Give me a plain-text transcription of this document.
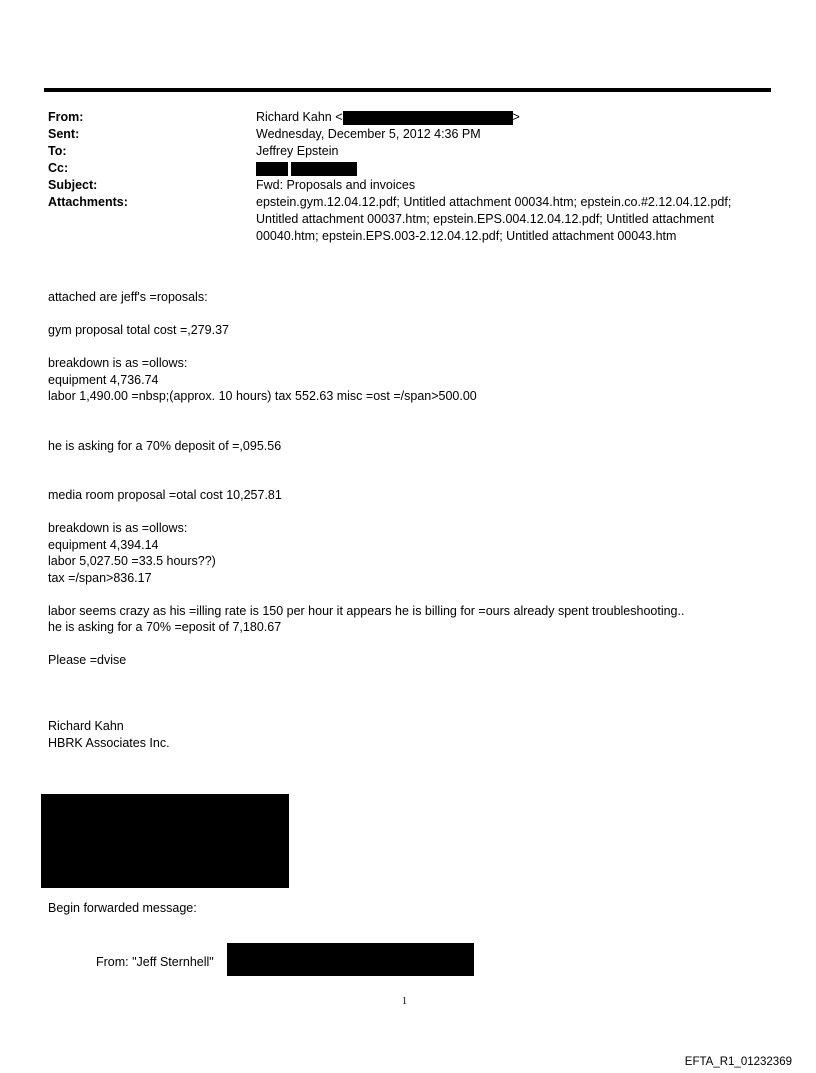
From:	Richard Kahn <	>
Sent:	Wednesday, December 5, 2012 4:36 PM
To:	Jeffrey Epstein
Cc:

Subject:	Fwd: Proposals and invoices
Attachments:	epstein.gym.12.04.12.pdf; Untitled attachment 00034.htm; epstein.co.#2.12.04.12.pdf;
Untitled attachment 00037.htm; epstein.EPS.004.12.04.12.pdf; Untitled attachment
00040.htm; epstein.EPS.003-2.12.04.12.pdf; Untitled attachment 00043.htm

attached are jeff's =roposals:

gym proposal total cost =,279.37

breakdown is as =ollows:

equipment 4,736.74

labor 1,490.00 =nbsp;(approx. 10 hours) tax 552.63 misc =ost =/span>500.00

he is asking for a 70% deposit of =,095.56

media room proposal =otal cost 10,257.81

breakdown is as =ollows:

equipment 4,394.14

labor 5,027.50 =33.5 hours??)

tax =/span>836.17

labor seems crazy as his =illing rate is 150 per hour it appears he is billing for =ours already spent troubleshooting..

he is asking for a 70% =eposit of 7,180.67

Please =dvise

Richard Kahn

HBRK Associates Inc.

Begin forwarded message:
From: "Jeff Sternhell"
1
EFTA_R1_01232369
